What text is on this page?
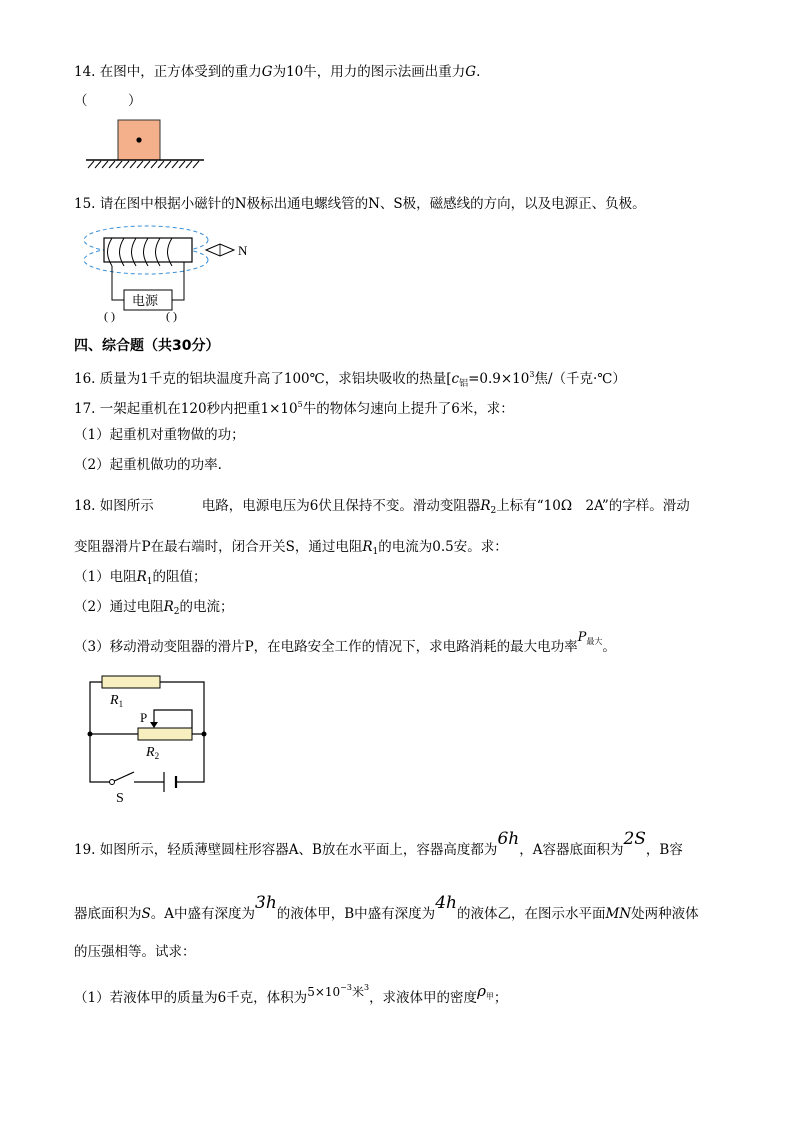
14. 在图中，正方体受到的重力G为10牛，用力的图示法画出重力G.
（　　　）
15. 请在图中根据小磁针的N极标出通电螺线管的N、S极，磁感线的方向，以及电源正、负极。
N
电源
( )	( )
四、综合题（共30分）
16. 质量为1千克的铝块温度升高了100℃，求铝块吸收的热量[$c_铝=0.9\times 10^3$焦/（千克·℃）
17. 一架起重机在120秒内把重$1\times 10^5$牛的物体匀速向上提升了6米，求：
（1）起重机对重物做的功；
（2）起重机做功的功率.
18. 如图所示	电路，电源电压为6伏且保持不变。滑动变阻器$R_2$上标有“10Ω　2A”的字样。滑动
变阻器滑片P在最右端时，闭合开关S，通过电阻$R_1$的电流为0.5安。求：
（1）电阻$R_1$的阻值；
（2）通过电阻$R_2$的电流；
（3）移动滑动变阻器的滑片P，在电路安全工作的情况下，求电路消耗的最大电功率$P_{最大}$。
$R_1$
P
$R_2$
S
19. 如图所示，轻质薄壁圆柱形容器A、B放在水平面上，容器高度都为6h，A容器底面积为2S，B容
器底面积为S。A中盛有深度为3h的液体甲，B中盛有深度为4h的液体乙，在图示水平面MN处两种液体
的压强相等。试求：
（1）若液体甲的质量为6千克，体积为$5\times 10^{-3}$米$^3$，求液体甲的密度$\rho_甲$；
